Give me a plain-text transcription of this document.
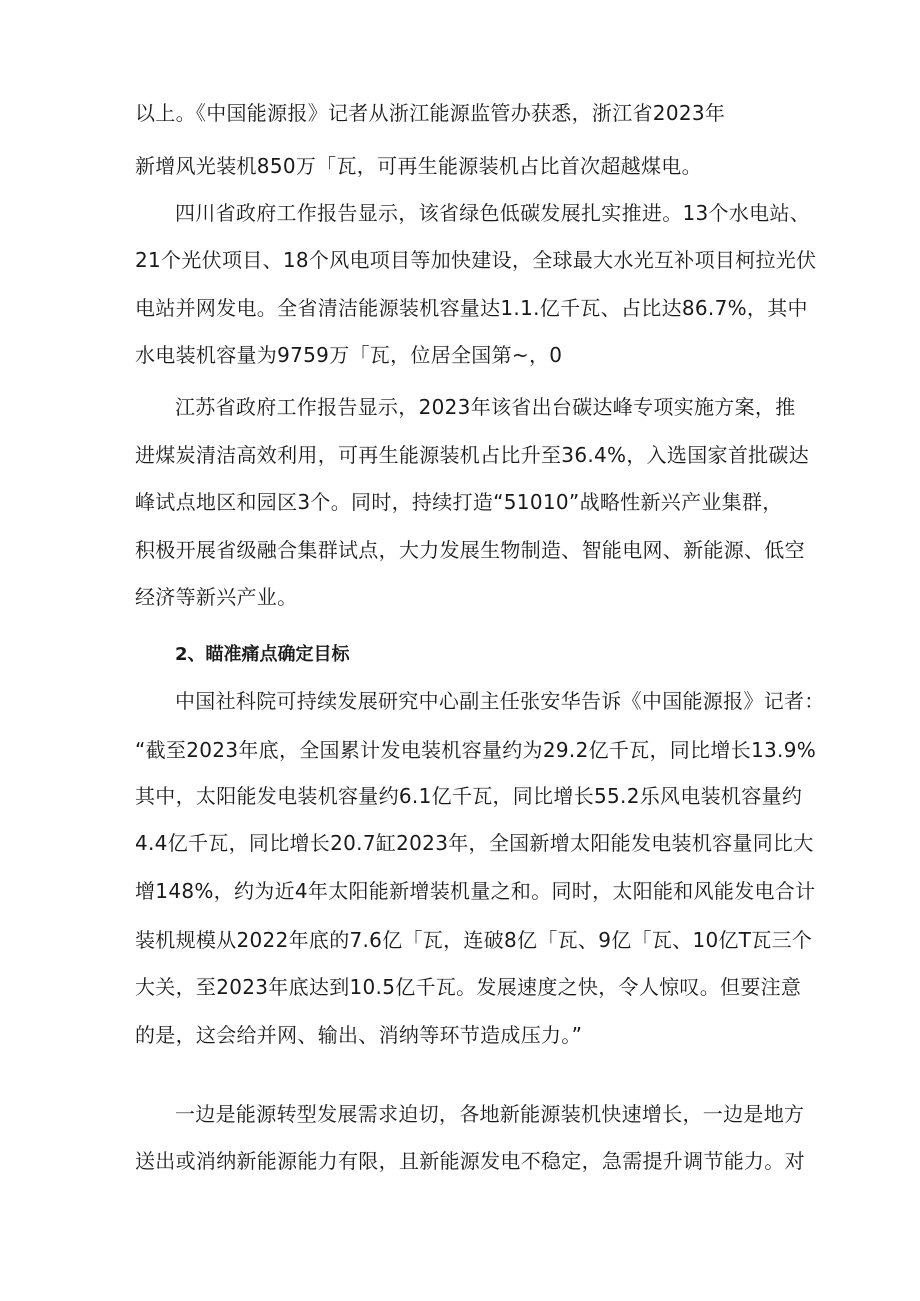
以上。《中国能源报》记者从浙江能源监管办获悉，浙江省2023年
新增风光装机850万「瓦，可再生能源装机占比首次超越煤电。
四川省政府工作报告显示，该省绿色低碳发展扎实推进。13个水电站、
21个光伏项目、18个风电项目等加快建设，全球最大水光互补项目柯拉光伏
电站并网发电。全省清洁能源装机容量达1.1.亿千瓦、占比达86.7%，其中
水电装机容量为9759万「瓦，位居全国第~，0
江苏省政府工作报告显示，2023年该省出台碳达峰专项实施方案，推
进煤炭清洁高效利用，可再生能源装机占比升至36.4%，入选国家首批碳达
峰试点地区和园区3个。同时，持续打造“51010”战略性新兴产业集群，
积极开展省级融合集群试点，大力发展生物制造、智能电网、新能源、低空
经济等新兴产业。
2、瞄准痛点确定目标
中国社科院可持续发展研究中心副主任张安华告诉《中国能源报》记者：
“截至2023年底，全国累计发电装机容量约为29.2亿千瓦，同比增长13.9%
其中，太阳能发电装机容量约6.1亿千瓦，同比增长55.2乐风电装机容量约
4.4亿千瓦，同比增长20.7缸2023年，全国新增太阳能发电装机容量同比大
增148%，约为近4年太阳能新增装机量之和。同时，太阳能和风能发电合计
装机规模从2022年底的7.6亿「瓦，连破8亿「瓦、9亿「瓦、10亿T瓦三个
大关，至2023年底达到10.5亿千瓦。发展速度之快，令人惊叹。但要注意
的是，这会给并网、输出、消纳等环节造成压力。”
一边是能源转型发展需求迫切，各地新能源装机快速增长，一边是地方
送出或消纳新能源能力有限，且新能源发电不稳定，急需提升调节能力。对
